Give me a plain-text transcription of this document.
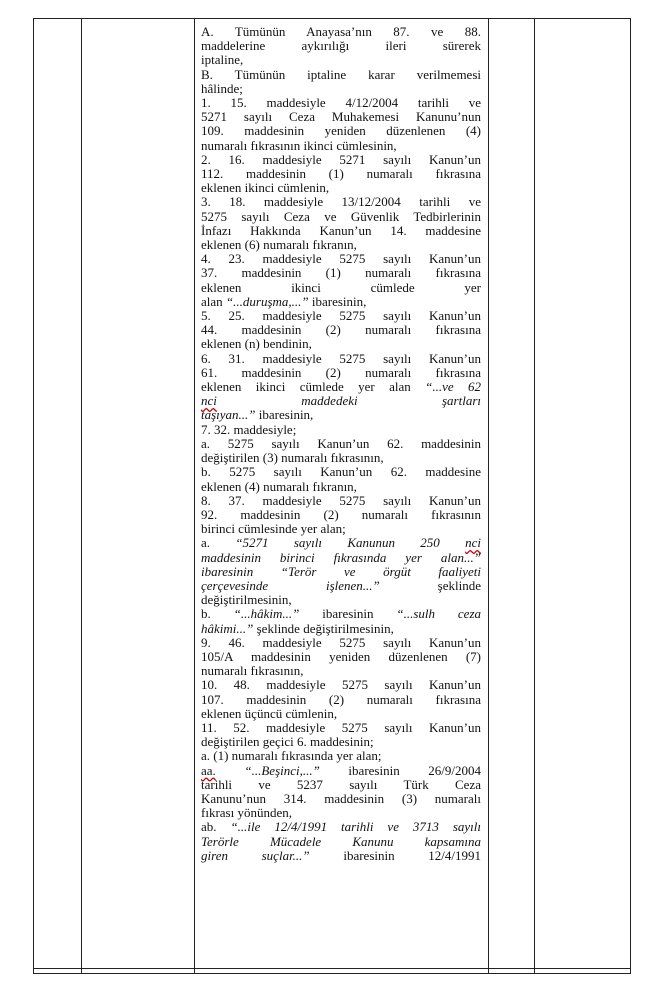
A. Tümünün Anayasa’nın 87. ve 88.
maddelerine aykırılığı ileri sürerek
iptaline,
B. Tümünün iptaline karar verilmemesi
hâlinde;
1. 15. maddesiyle 4/12/2004 tarihli ve
5271 sayılı Ceza Muhakemesi Kanunu’nun
109. maddesinin yeniden düzenlenen (4)
numaralı fıkrasının ikinci cümlesinin,
2. 16. maddesiyle 5271 sayılı Kanun’un
112. maddesinin (1) numaralı fıkrasına
eklenen ikinci cümlenin,
3. 18. maddesiyle 13/12/2004 tarihli ve
5275 sayılı Ceza ve Güvenlik Tedbirlerinin
İnfazı Hakkında Kanun’un 14. maddesine
eklenen (6) numaralı fıkranın,
4. 23. maddesiyle 5275 sayılı Kanun’un
37. maddesinin (1) numaralı fıkrasına
eklenen ikinci cümlede yer
alan “...duruşma,...” ibaresinin,
5. 25. maddesiyle 5275 sayılı Kanun’un
44. maddesinin (2) numaralı fıkrasına
eklenen (n) bendinin,
6. 31. maddesiyle 5275 sayılı Kanun’un
61. maddesinin (2) numaralı fıkrasına
eklenen ikinci cümlede yer alan “...ve 62
nci maddedeki şartları
taşıyan...” ibaresinin,
7. 32. maddesiyle;
a. 5275 sayılı Kanun’un 62. maddesinin
değiştirilen (3) numaralı fıkrasının,
b. 5275 sayılı Kanun’un 62. maddesine
eklenen (4) numaralı fıkranın,
8. 37. maddesiyle 5275 sayılı Kanun’un
92. maddesinin (2) numaralı fıkrasının
birinci cümlesinde yer alan;
a. “5271 sayılı Kanunun 250 nci
maddesinin birinci fıkrasında yer alan...”
ibaresinin “Terör ve örgüt faaliyeti
çerçevesinde işlenen...” şeklinde
değiştirilmesinin,
b. “...hâkim...” ibaresinin “...sulh ceza
hâkimi...” şeklinde değiştirilmesinin,
9. 46. maddesiyle 5275 sayılı Kanun’un
105/A maddesinin yeniden düzenlenen (7)
numaralı fıkrasının,
10. 48. maddesiyle 5275 sayılı Kanun’un
107. maddesinin (2) numaralı fıkrasına
eklenen üçüncü cümlenin,
11. 52. maddesiyle 5275 sayılı Kanun’un
değiştirilen geçici 6. maddesinin;
a. (1) numaralı fıkrasında yer alan;
aa. “...Beşinci,...” ibaresinin 26/9/2004
tarihli ve 5237 sayılı Türk Ceza
Kanunu’nun 314. maddesinin (3) numaralı
fıkrası yönünden,
ab. “...ile 12/4/1991 tarihli ve 3713 sayılı
Terörle Mücadele Kanunu kapsamına
giren suçlar...” ibaresinin 12/4/1991
